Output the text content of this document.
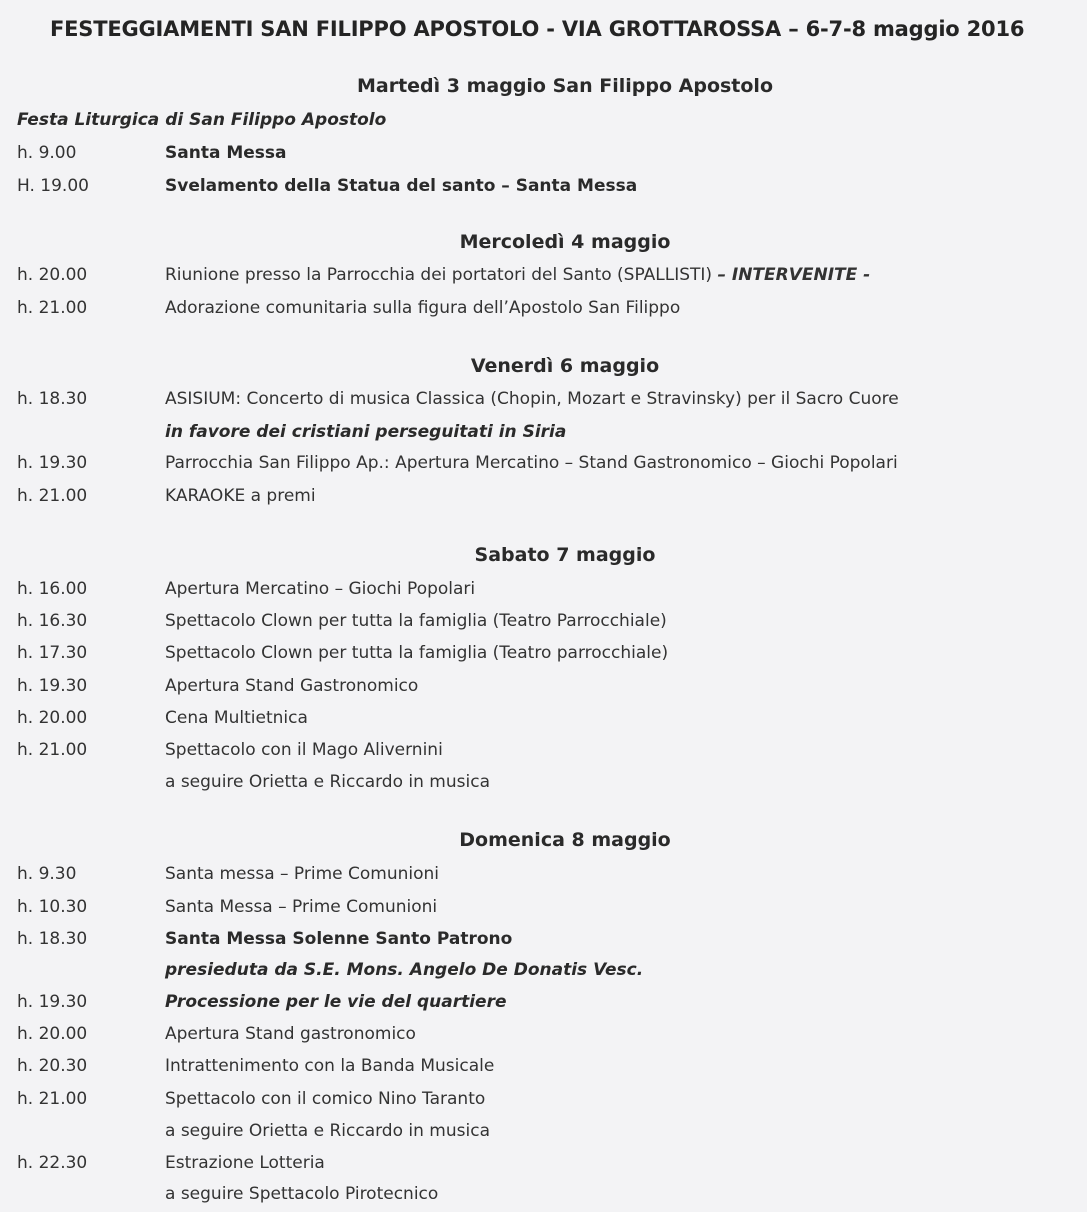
FESTEGGIAMENTI SAN FILIPPO APOSTOLO - VIA GROTTAROSSA – 6-7-8 maggio 2016
Martedì 3 maggio San Filippo Apostolo
Festa Liturgica di San Filippo Apostolo
h. 9.00	Santa Messa
H. 19.00	Svelamento della Statua del santo – Santa Messa
Mercoledì 4 maggio
h. 20.00	Riunione presso la Parrocchia dei portatori del Santo (SPALLISTI) – INTERVENITE -
h. 21.00	Adorazione comunitaria sulla figura dell’Apostolo San Filippo
Venerdì 6 maggio
h. 18.30	ASISIUM: Concerto di musica Classica (Chopin, Mozart e Stravinsky) per il Sacro Cuore
in favore dei cristiani perseguitati in Siria
h. 19.30	Parrocchia San Filippo Ap.: Apertura Mercatino – Stand Gastronomico – Giochi Popolari
h. 21.00	KARAOKE a premi
Sabato 7 maggio
h. 16.00	Apertura Mercatino – Giochi Popolari
h. 16.30	Spettacolo Clown per tutta la famiglia (Teatro Parrocchiale)
h. 17.30	Spettacolo Clown per tutta la famiglia (Teatro parrocchiale)
h. 19.30	Apertura Stand Gastronomico
h. 20.00	Cena Multietnica
h. 21.00	Spettacolo con il Mago Alivernini
a seguire Orietta e Riccardo in musica
Domenica 8 maggio
h. 9.30	Santa messa – Prime Comunioni
h. 10.30	Santa Messa – Prime Comunioni
h. 18.30	Santa Messa Solenne Santo Patrono
presieduta da S.E. Mons. Angelo De Donatis Vesc.
h. 19.30	Processione per le vie del quartiere
h. 20.00	Apertura Stand gastronomico
h. 20.30	Intrattenimento con la Banda Musicale
h. 21.00	Spettacolo con il comico Nino Taranto
a seguire Orietta e Riccardo in musica
h. 22.30	Estrazione Lotteria
a seguire Spettacolo Pirotecnico
